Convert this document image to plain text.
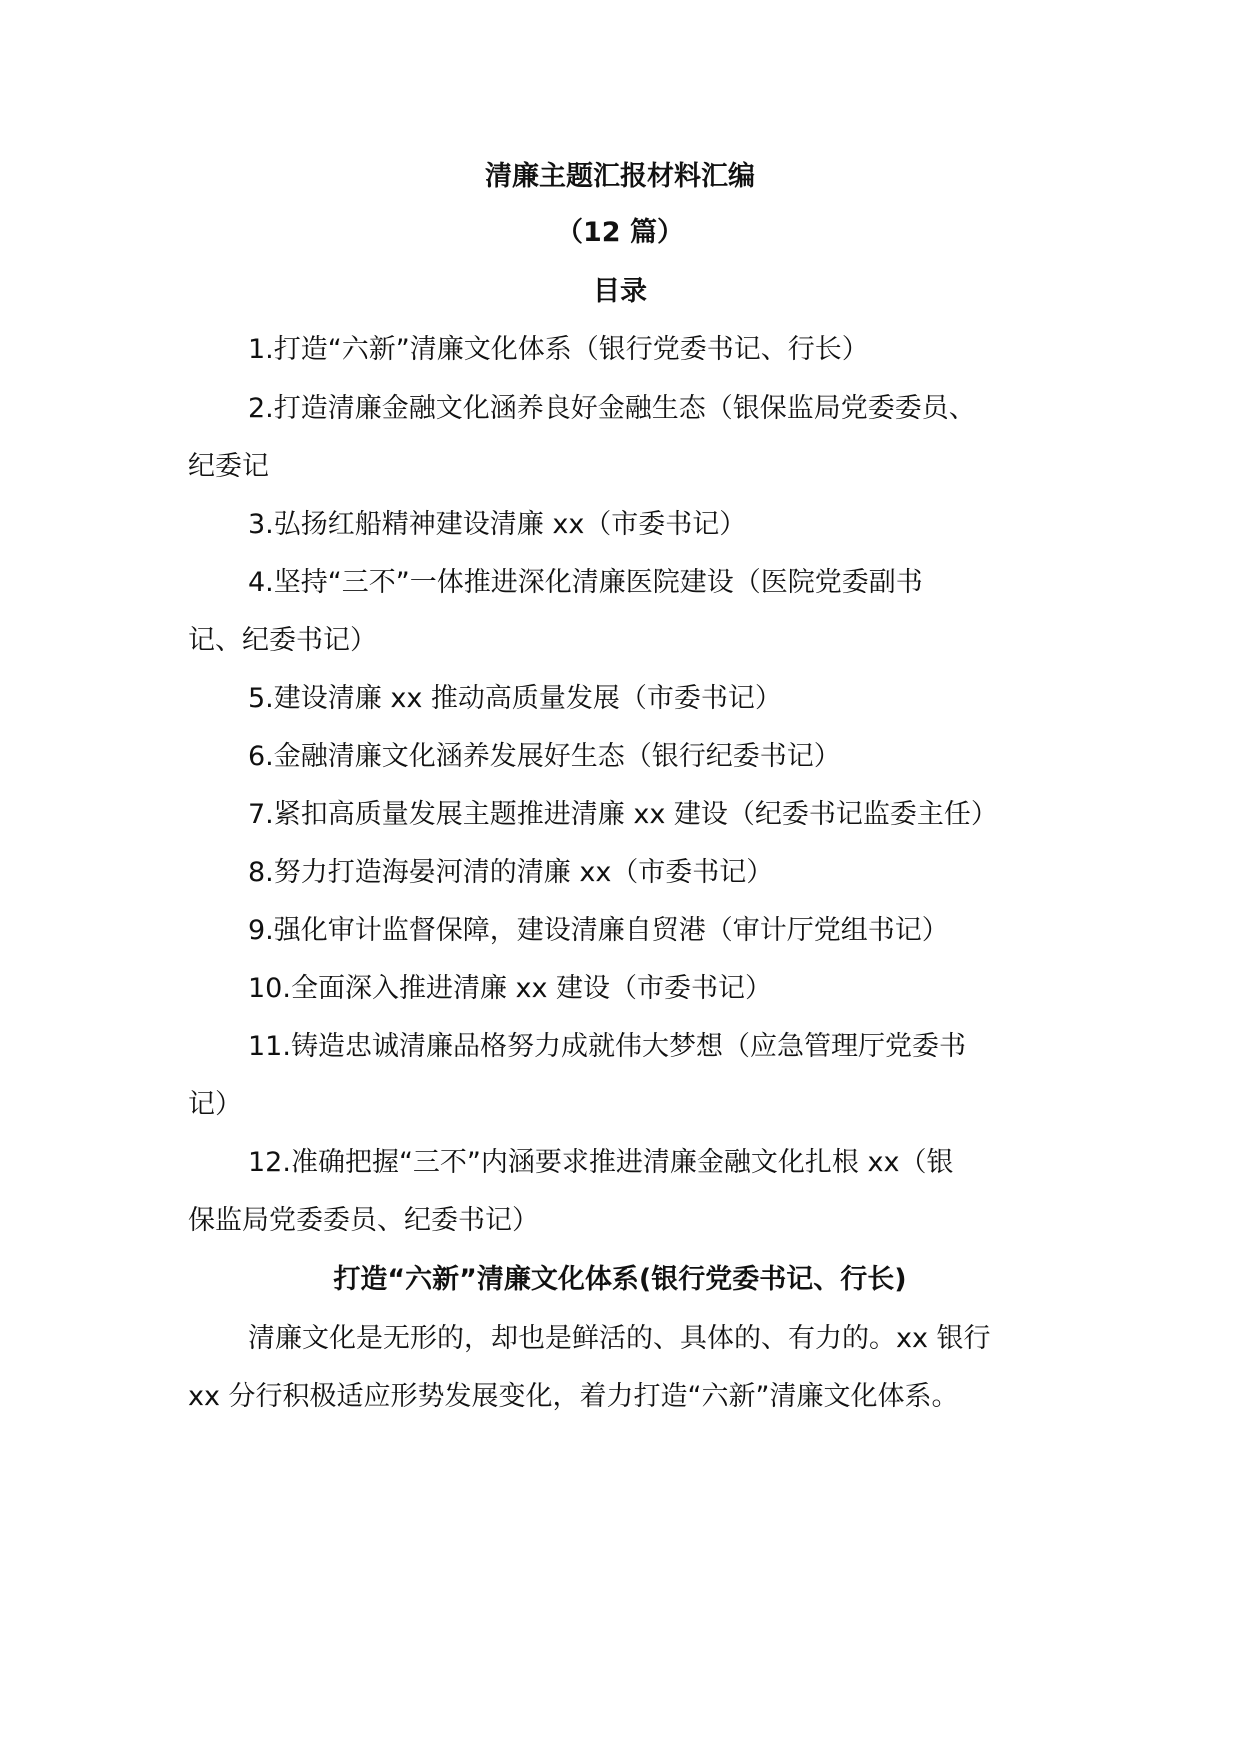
清廉主题汇报材料汇编
（12 篇）
目录
1.打造“六新”清廉文化体系（银行党委书记、行长）
2.打造清廉金融文化涵养良好金融生态（银保监局党委委员、
纪委记
3.弘扬红船精神建设清廉 xx（市委书记）
4.坚持“三不”一体推进深化清廉医院建设（医院党委副书
记、纪委书记）
5.建设清廉 xx 推动高质量发展（市委书记）
6.金融清廉文化涵养发展好生态（银行纪委书记）
7.紧扣高质量发展主题推进清廉 xx 建设（纪委书记监委主任）
8.努力打造海晏河清的清廉 xx（市委书记）
9.强化审计监督保障，建设清廉自贸港（审计厅党组书记）
10.全面深入推进清廉 xx 建设（市委书记）
11.铸造忠诚清廉品格努力成就伟大梦想（应急管理厅党委书
记）
12.准确把握“三不”内涵要求推进清廉金融文化扎根 xx（银
保监局党委委员、纪委书记）
打造“六新”清廉文化体系(银行党委书记、行长)
清廉文化是无形的，却也是鲜活的、具体的、有力的。xx 银行
xx 分行积极适应形势发展变化，着力打造“六新”清廉文化体系。
